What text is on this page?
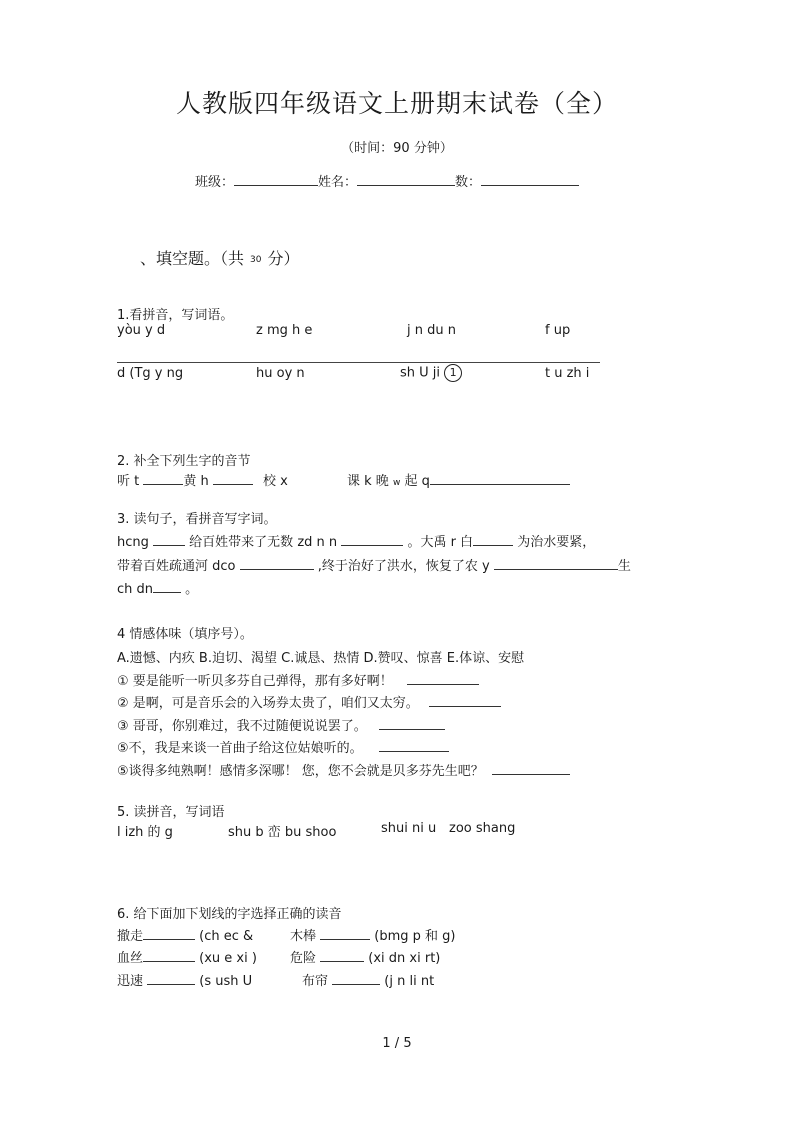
人教版四年级语文上册期末试卷（全）
（时间：90 分钟）
班级：	姓名：	数：
、填空题。（共 30 分）
1.看拼音，写词语。
yòu y d	z mg h e	j n du n	f up
d (Tg y ng	hu oy n	sh U ji 1	t u zh i
2. 补全下列生字的音节
听 t	黄 h	校 x	课 k 晚 w 起 q
3. 读句子，看拼音写字词。
hcng	给百姓带来了无数 zd n n	。大禹 r 白	为治水要紧，
带着百姓疏通河 dco	,终于治好了洪水，恢复了农 y	生
ch dn 。
4 情感体味（填序号）。
A.遗憾、内疚 B.迫切、渴望 C.诚恳、热情 D.赞叹、惊喜 E.体谅、安慰
① 要是能听一听贝多芬自己弹得，那有多好啊！
② 是啊，可是音乐会的入场券太贵了，咱们又太穷。
③ 哥哥，你别难过，我不过随便说说罢了。
⑤不，我是来谈一首曲子给这位姑娘听的。
⑤谈得多纯熟啊！感情多深哪！ 您，您不会就是贝多芬先生吧？
5. 读拼音，写词语
l izh 的 g	shu b 峦 bu shoo	shui ni u zoo shang
6. 给下面加下划线的字选择正确的读音
撤走	(ch ec &	木棒	(bmg p 和 g)
血丝	(xu e xi )	危险	(xi dn xi rt)
迅速	(s ush U	布帘	(j n li nt
1 / 5
